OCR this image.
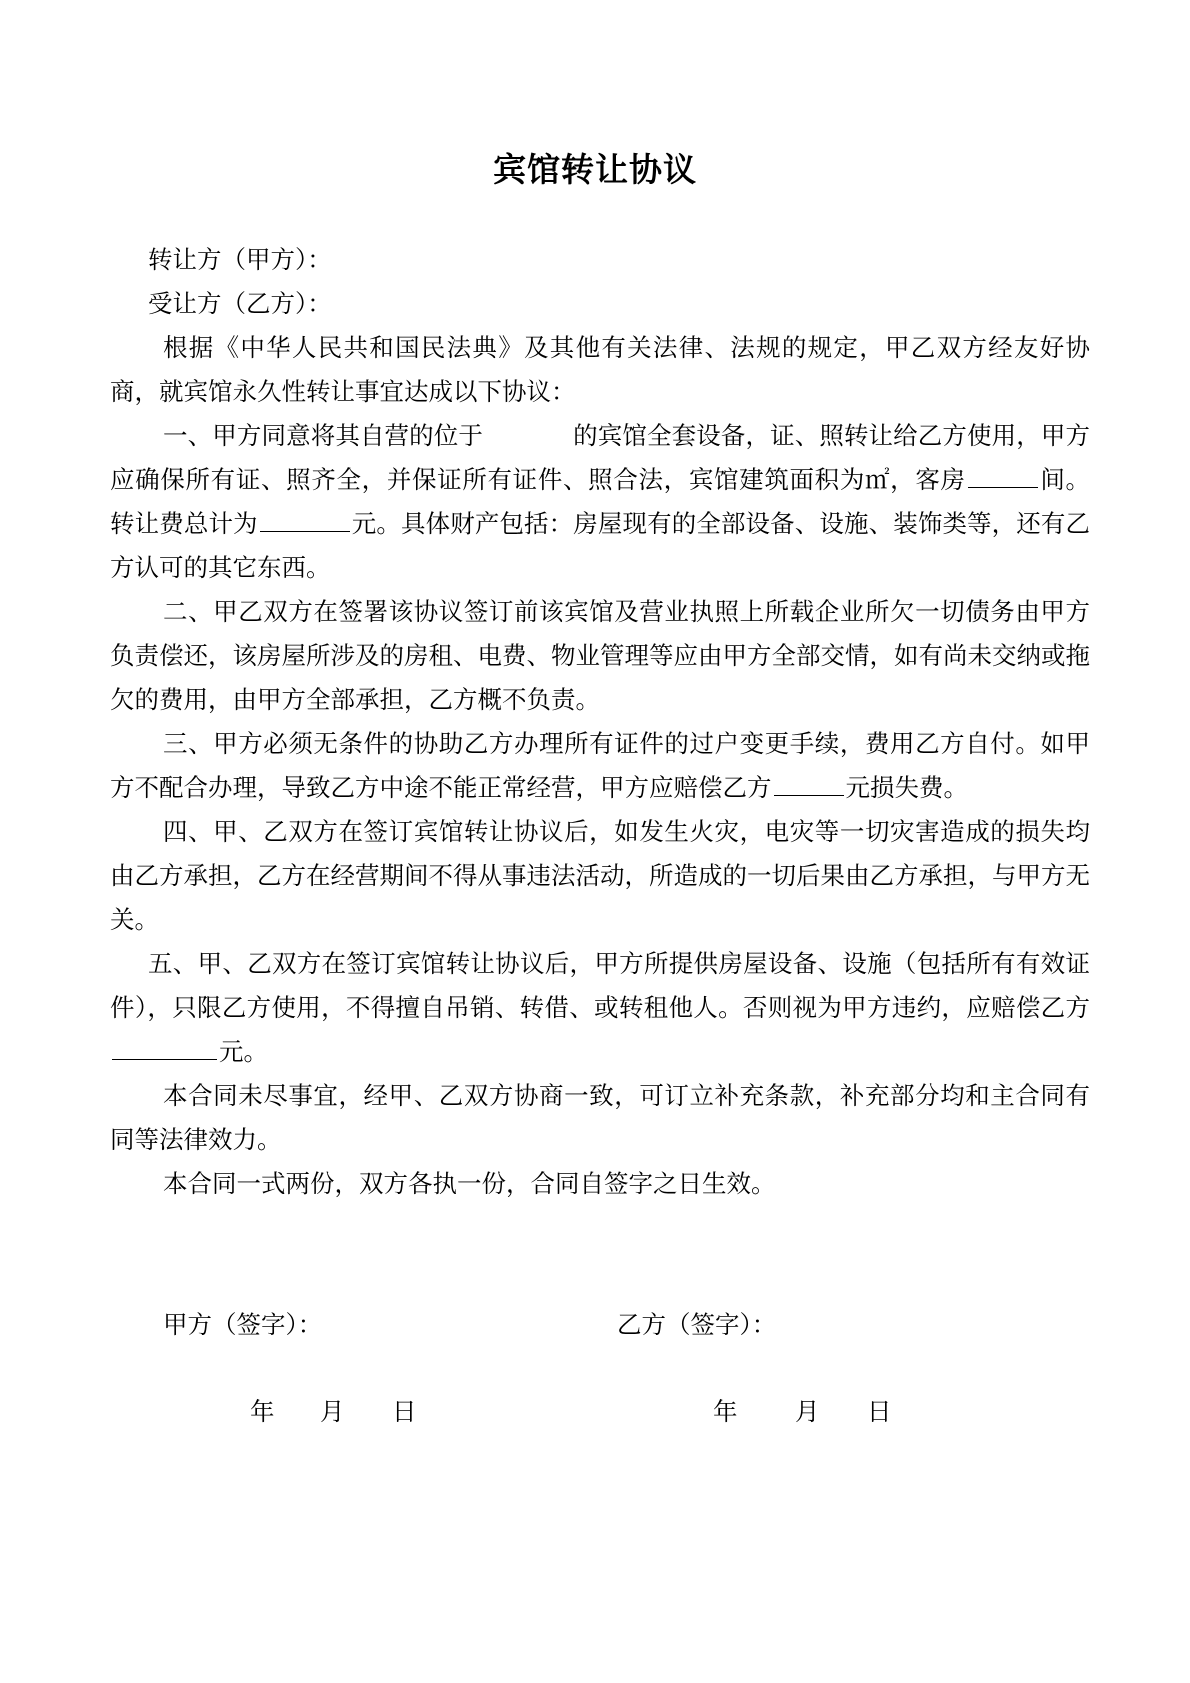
宾馆转让协议

转让方（甲方）：

受让方（乙方）：

根据《中华人民共和国民法典》及其他有关法律、法规的规定，甲乙双方经友好协商，就宾馆永久性转让事宜达成以下协议：

一、甲方同意将其自营的位于	的宾馆全套设备，证、照转让给乙方使用，甲方应确保所有证、照齐全，并保证所有证件、照合法，宾馆建筑面积为㎡，客房	间。转让费总计为	元。具体财产包括：房屋现有的全部设备、设施、装饰类等，还有乙方认可的其它东西。

二、甲乙双方在签署该协议签订前该宾馆及营业执照上所载企业所欠一切债务由甲方负责偿还，该房屋所涉及的房租、电费、物业管理等应由甲方全部交情，如有尚未交纳或拖欠的费用，由甲方全部承担，乙方概不负责。

三、甲方必须无条件的协助乙方办理所有证件的过户变更手续，费用乙方自付。如甲方不配合办理，导致乙方中途不能正常经营，甲方应赔偿乙方	元损失费。

四、甲、乙双方在签订宾馆转让协议后，如发生火灾，电灾等一切灾害造成的损失均由乙方承担，乙方在经营期间不得从事违法活动，所造成的一切后果由乙方承担，与甲方无关。

五、甲、乙双方在签订宾馆转让协议后，甲方所提供房屋设备、设施（包括所有有效证件），只限乙方使用，不得擅自吊销、转借、或转租他人。否则视为甲方违约，应赔偿乙方元。

本合同未尽事宜，经甲、乙双方协商一致，可订立补充条款，补充部分均和主合同有同等法律效力。

本合同一式两份，双方各执一份，合同自签字之日生效。

甲方（签字）：	乙方（签字）：
年 月 日	年 月 日
